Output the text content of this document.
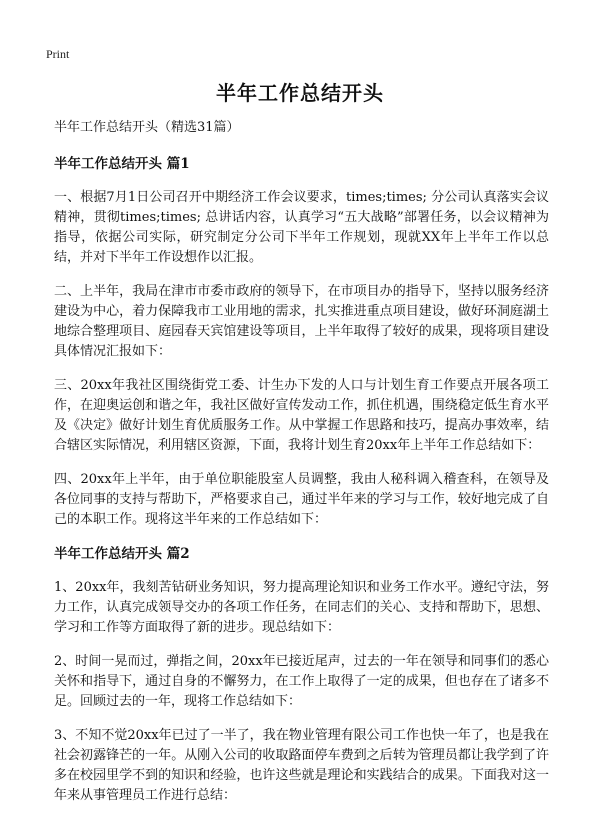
Print
半年工作总结开头

半年工作总结开头（精选31篇）

半年工作总结开头 篇1

一、根据7月1日公司召开中期经济工作会议要求，times;times; 分公司认真落实会议精神，贯彻times;times; 总讲话内容，认真学习“五大战略”部署任务，以会议精神为指导，依据公司实际，研究制定分公司下半年工作规划，现就XX年上半年工作以总结，并对下半年工作设想作以汇报。

二、上半年，我局在津市市委市政府的领导下，在市项目办的指导下，坚持以服务经济建设为中心，着力保障我市工业用地的需求，扎实推进重点项目建设，做好环洞庭湖土地综合整理项目、庭园春天宾馆建设等项目，上半年取得了较好的成果，现将项目建设具体情况汇报如下：

三、20xx年我社区围绕街党工委、计生办下发的人口与计划生育工作要点开展各项工作，在迎奥运创和谐之年，我社区做好宣传发动工作，抓住机遇，围绕稳定低生育水平及《决定》做好计划生育优质服务工作。从中掌握工作思路和技巧，提高办事效率，结合辖区实际情况，利用辖区资源，下面，我将计划生育20xx年上半年工作总结如下：

四、20xx年上半年，由于单位职能股室人员调整，我由人秘科调入稽查科，在领导及各位同事的支持与帮助下，严格要求自己，通过半年来的学习与工作，较好地完成了自己的本职工作。现将这半年来的工作总结如下：

半年工作总结开头 篇2

1、20xx年，我刻苦钻研业务知识，努力提高理论知识和业务工作水平。遵纪守法，努力工作，认真完成领导交办的各项工作任务，在同志们的关心、支持和帮助下，思想、学习和工作等方面取得了新的进步。现总结如下：

2、时间一晃而过，弹指之间，20xx年已接近尾声，过去的一年在领导和同事们的悉心关怀和指导下，通过自身的不懈努力，在工作上取得了一定的成果，但也存在了诸多不足。回顾过去的一年，现将工作总结如下：

3、不知不觉20xx年已过了一半了，我在物业管理有限公司工作也快一年了，也是我在社会初露锋芒的一年。从刚入公司的收取路面停车费到之后转为管理员都让我学到了许多在校园里学不到的知识和经验，也许这些就是理论和实践结合的成果。下面我对这一年来从事管理员工作进行总结：
